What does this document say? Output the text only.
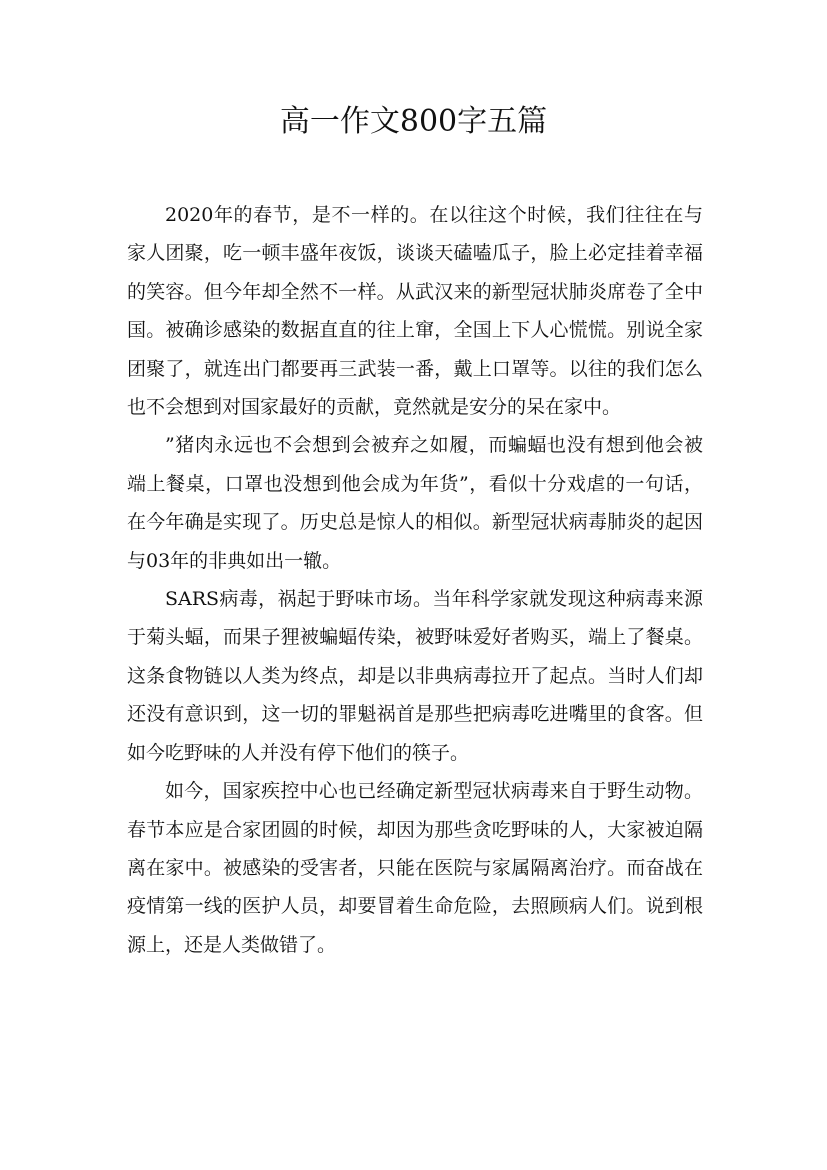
高一作文800字五篇

2020年的春节，是不一样的。在以往这个时候，我们往往在与家人团聚，吃一顿丰盛年夜饭，谈谈天磕嗑瓜子，脸上必定挂着幸福的笑容。但今年却全然不一样。从武汉来的新型冠状肺炎席卷了全中国。被确诊感染的数据直直的往上窜，全国上下人心慌慌。别说全家团聚了，就连出门都要再三武装一番，戴上口罩等。以往的我们怎么也不会想到对国家最好的贡献，竟然就是安分的呆在家中。

”猪肉永远也不会想到会被弃之如履，而蝙蝠也没有想到他会被端上餐桌，口罩也没想到他会成为年货”，看似十分戏虐的一句话，在今年确是实现了。历史总是惊人的相似。新型冠状病毒肺炎的起因与03年的非典如出一辙。

SARS病毒，祸起于野味市场。当年科学家就发现这种病毒来源于菊头蝠，而果子狸被蝙蝠传染，被野味爱好者购买，端上了餐桌。这条食物链以人类为终点，却是以非典病毒拉开了起点。当时人们却还没有意识到，这一切的罪魁祸首是那些把病毒吃进嘴里的食客。但如今吃野味的人并没有停下他们的筷子。

如今，国家疾控中心也已经确定新型冠状病毒来自于野生动物。春节本应是合家团圆的时候，却因为那些贪吃野味的人，大家被迫隔离在家中。被感染的受害者，只能在医院与家属隔离治疗。而奋战在疫情第一线的医护人员，却要冒着生命危险，去照顾病人们。说到根源上，还是人类做错了。
